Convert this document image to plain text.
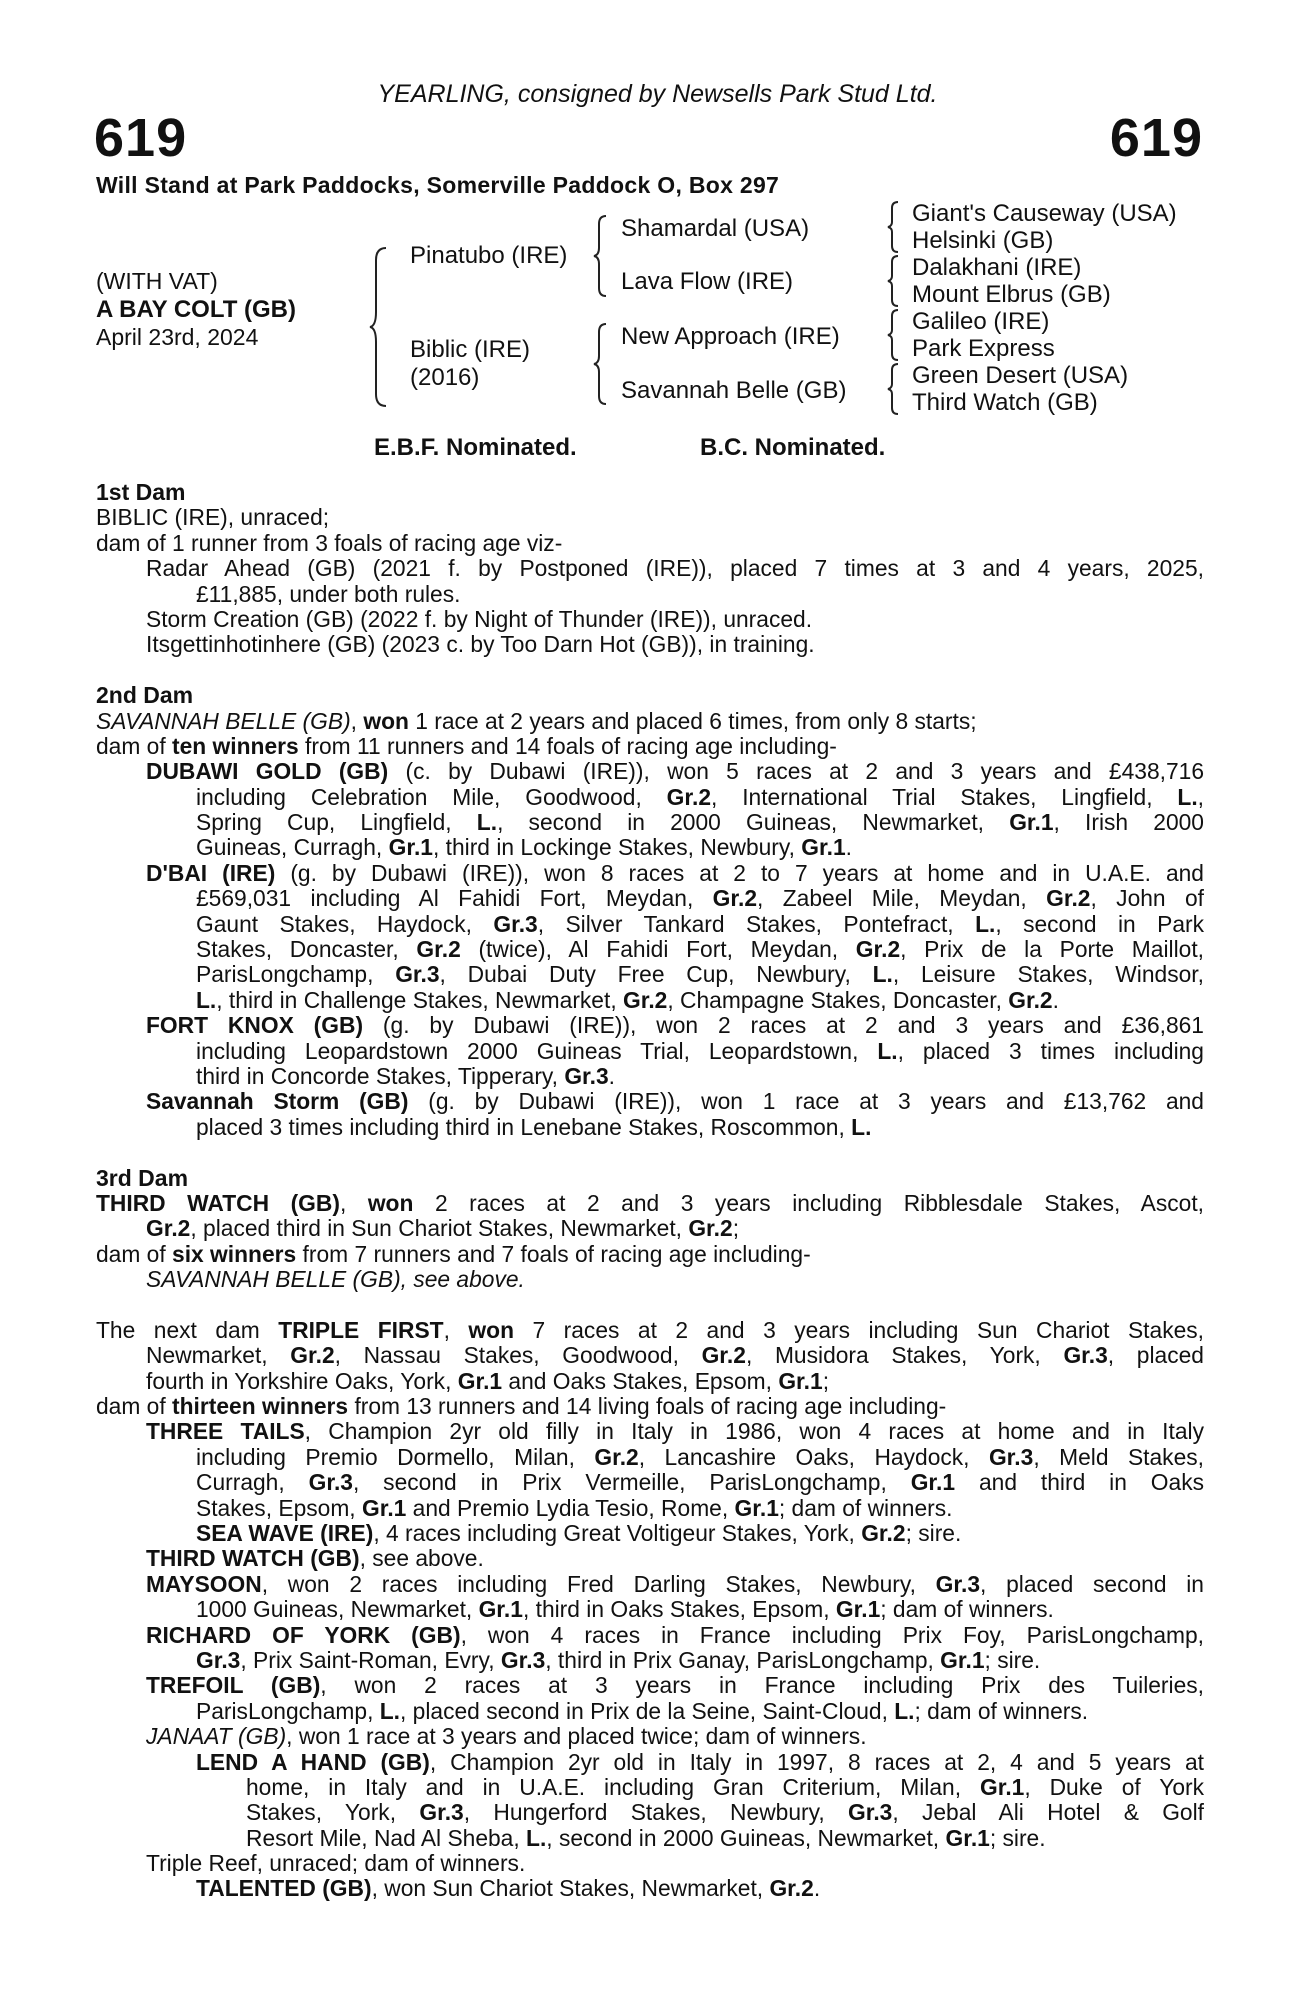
YEARLING, consigned by Newsells Park Stud Ltd.
619	619
Will Stand at Park Paddocks, Somerville Paddock O, Box 297
(WITH VAT)
A BAY COLT (GB)
April 23rd, 2024
Pinatubo (IRE)
Biblic (IRE)
(2016)
Shamardal (USA)
Lava Flow (IRE)
New Approach (IRE)
Savannah Belle (GB)
Giant's Causeway (USA)
Helsinki (GB)
Dalakhani (IRE)
Mount Elbrus (GB)
Galileo (IRE)
Park Express
Green Desert (USA)
Third Watch (GB)
E.B.F. Nominated.	B.C. Nominated.
1st Dam
BIBLIC (IRE), unraced;
dam of 1 runner from 3 foals of racing age viz-
Radar Ahead (GB) (2021 f. by Postponed (IRE)), placed 7 times at 3 and 4 years, 2025,
£11,885, under both rules.
Storm Creation (GB) (2022 f. by Night of Thunder (IRE)), unraced.
Itsgettinhotinhere (GB) (2023 c. by Too Darn Hot (GB)), in training.
2nd Dam
SAVANNAH BELLE (GB), won 1 race at 2 years and placed 6 times, from only 8 starts;
dam of ten winners from 11 runners and 14 foals of racing age including-
DUBAWI GOLD (GB) (c. by Dubawi (IRE)), won 5 races at 2 and 3 years and £438,716
including Celebration Mile, Goodwood, Gr.2, International Trial Stakes, Lingfield, L.,
Spring Cup, Lingfield, L., second in 2000 Guineas, Newmarket, Gr.1, Irish 2000
Guineas, Curragh, Gr.1, third in Lockinge Stakes, Newbury, Gr.1.
D'BAI (IRE) (g. by Dubawi (IRE)), won 8 races at 2 to 7 years at home and in U.A.E. and
£569,031 including Al Fahidi Fort, Meydan, Gr.2, Zabeel Mile, Meydan, Gr.2, John of
Gaunt Stakes, Haydock, Gr.3, Silver Tankard Stakes, Pontefract, L., second in Park
Stakes, Doncaster, Gr.2 (twice), Al Fahidi Fort, Meydan, Gr.2, Prix de la Porte Maillot,
ParisLongchamp, Gr.3, Dubai Duty Free Cup, Newbury, L., Leisure Stakes, Windsor,
L., third in Challenge Stakes, Newmarket, Gr.2, Champagne Stakes, Doncaster, Gr.2.
FORT KNOX (GB) (g. by Dubawi (IRE)), won 2 races at 2 and 3 years and £36,861
including Leopardstown 2000 Guineas Trial, Leopardstown, L., placed 3 times including
third in Concorde Stakes, Tipperary, Gr.3.
Savannah Storm (GB) (g. by Dubawi (IRE)), won 1 race at 3 years and £13,762 and
placed 3 times including third in Lenebane Stakes, Roscommon, L.
3rd Dam
THIRD WATCH (GB), won 2 races at 2 and 3 years including Ribblesdale Stakes, Ascot,
Gr.2, placed third in Sun Chariot Stakes, Newmarket, Gr.2;
dam of six winners from 7 runners and 7 foals of racing age including-
SAVANNAH BELLE (GB), see above.
The next dam TRIPLE FIRST, won 7 races at 2 and 3 years including Sun Chariot Stakes,
Newmarket, Gr.2, Nassau Stakes, Goodwood, Gr.2, Musidora Stakes, York, Gr.3, placed
fourth in Yorkshire Oaks, York, Gr.1 and Oaks Stakes, Epsom, Gr.1;
dam of thirteen winners from 13 runners and 14 living foals of racing age including-
THREE TAILS, Champion 2yr old filly in Italy in 1986, won 4 races at home and in Italy
including Premio Dormello, Milan, Gr.2, Lancashire Oaks, Haydock, Gr.3, Meld Stakes,
Curragh, Gr.3, second in Prix Vermeille, ParisLongchamp, Gr.1 and third in Oaks
Stakes, Epsom, Gr.1 and Premio Lydia Tesio, Rome, Gr.1; dam of winners.
SEA WAVE (IRE), 4 races including Great Voltigeur Stakes, York, Gr.2; sire.
THIRD WATCH (GB), see above.
MAYSOON, won 2 races including Fred Darling Stakes, Newbury, Gr.3, placed second in
1000 Guineas, Newmarket, Gr.1, third in Oaks Stakes, Epsom, Gr.1; dam of winners.
RICHARD OF YORK (GB), won 4 races in France including Prix Foy, ParisLongchamp,
Gr.3, Prix Saint-Roman, Evry, Gr.3, third in Prix Ganay, ParisLongchamp, Gr.1; sire.
TREFOIL (GB), won 2 races at 3 years in France including Prix des Tuileries,
ParisLongchamp, L., placed second in Prix de la Seine, Saint-Cloud, L.; dam of winners.
JANAAT (GB), won 1 race at 3 years and placed twice; dam of winners.
LEND A HAND (GB), Champion 2yr old in Italy in 1997, 8 races at 2, 4 and 5 years at
home, in Italy and in U.A.E. including Gran Criterium, Milan, Gr.1, Duke of York
Stakes, York, Gr.3, Hungerford Stakes, Newbury, Gr.3, Jebal Ali Hotel & Golf
Resort Mile, Nad Al Sheba, L., second in 2000 Guineas, Newmarket, Gr.1; sire.
Triple Reef, unraced; dam of winners.
TALENTED (GB), won Sun Chariot Stakes, Newmarket, Gr.2.
